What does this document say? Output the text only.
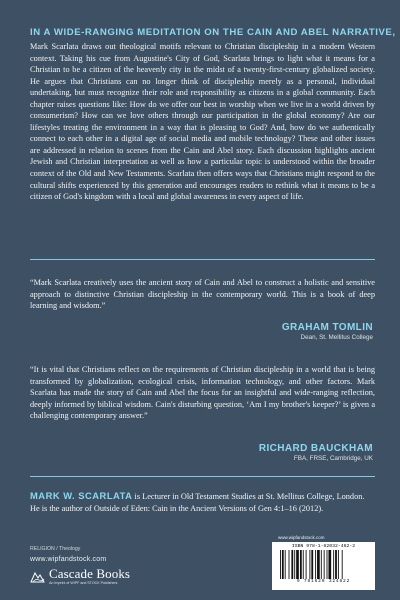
IN A WIDE-RANGING MEDITATION ON THE CAIN AND ABEL NARRATIVE,

Mark Scarlata draws out theological motifs relevant to Christian discipleship in a modern Western context. Taking his cue from Augustine's City of God, Scarlata brings to light what it means for a Christian to be a citizen of the heavenly city in the midst of a twenty-first-century globalized society. He argues that Christians can no longer think of discipleship merely as a personal, individual undertaking, but must recognize their role and responsibility as citizens in a global community. Each chapter raises questions like: How do we offer our best in worship when we live in a world driven by consumerism? How can we love others through our participation in the global economy? Are our lifestyles treating the environment in a way that is pleasing to God? And, how do we authentically connect to each other in a digital age of social media and mobile technology? These and other issues are addressed in relation to scenes from the Cain and Abel story. Each discussion highlights ancient Jewish and Christian interpretation as well as how a particular topic is understood within the broader context of the Old and New Testaments. Scarlata then offers ways that Christians might respond to the cultural shifts experienced by this generation and encourages readers to rethink what it means to be a citizen of God's kingdom with a local and global awareness in every aspect of life.

“Mark Scarlata creatively uses the ancient story of Cain and Abel to construct a holistic and sensitive approach to distinctive Christian discipleship in the contemporary world. This is a book of deep learning and wisdom.”

GRAHAM TOMLIN
Dean, St. Mellitus College

“It is vital that Christians reflect on the requirements of Christian discipleship in a world that is being transformed by globalization, ecological crisis, information technology, and other factors. Mark Scarlata has made the story of Cain and Abel the focus for an insightful and wide-ranging reflection, deeply informed by biblical wisdom. Cain's disturbing question, ‘Am I my brother's keeper?’ is given a challenging contemporary answer.”

RICHARD BAUCKHAM
FBA, FRSE, Cambridge, UK

MARK W. SCARLATA is Lecturer in Old Testament Studies at St. Mellitus College, London. He is the author of Outside of Eden: Cain in the Ancient Versions of Gen 4:1–16 (2012).

RELIGION / Theology
www.wipfandstock.com
Cascade Books
An Imprint of WIPF and STOCK Publishers
www.wipfandstock.com
ISBN 978-1-62032-462-2
9 781620 324622
